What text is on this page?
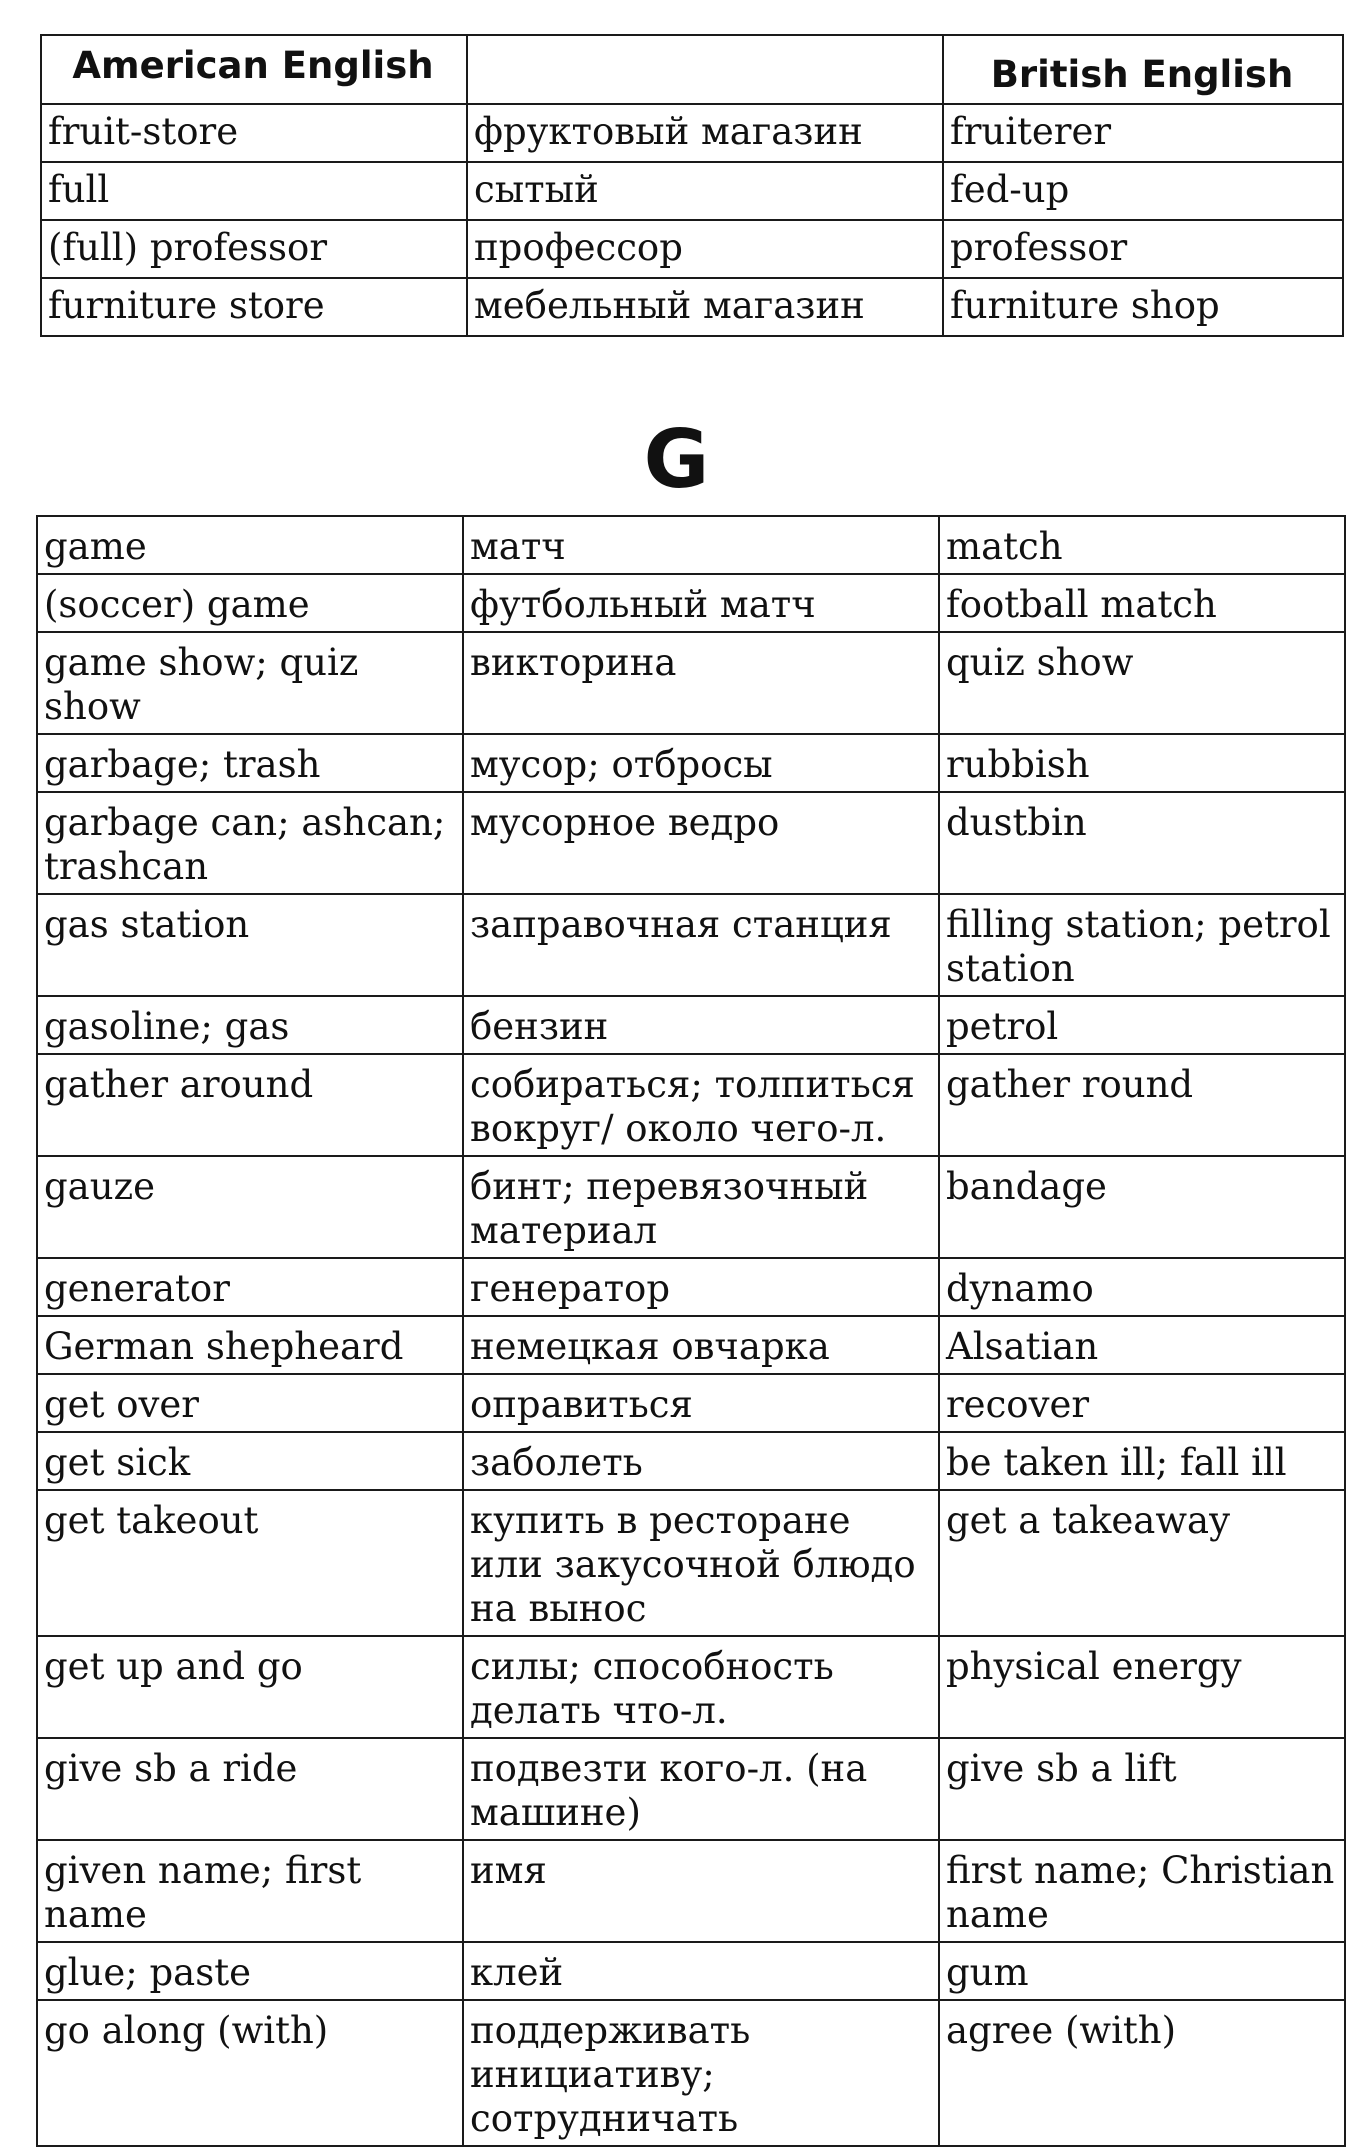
American English		British English
fruit-store	фруктовый магазин	fruiterer
full	сытый	fed-up
(full) professor	профессор	professor
furniture store	мебельный магазин	furniture shop
G
game	матч	match
(soccer) game	футбольный матч	football match
game show; quiz show	викторина	quiz show
garbage; trash	мусор; отбросы	rubbish
garbage can; ashcan; trashcan	мусорное ведро	dustbin
gas station	заправочная станция	filling station; petrol station
gasoline; gas	бензин	petrol
gather around	собираться; толпиться вокруг/ около чего-л.	gather round
gauze	бинт; перевязочный материал	bandage
generator	генератор	dynamo
German shepheard	немецкая овчарка	Alsatian
get over	оправиться	recover
get sick	заболеть	be taken ill; fall ill
get takeout	купить в ресторане или закусочной блюдо на вынос	get a takeaway
get up and go	силы; способность делать что-л.	physical energy
give sb a ride	подвезти кого-л. (на машине)	give sb a lift
given name; first name	имя	first name; Christian name
glue; paste	клей	gum
go along (with)	поддерживать инициативу; сотрудничать	agree (with)
